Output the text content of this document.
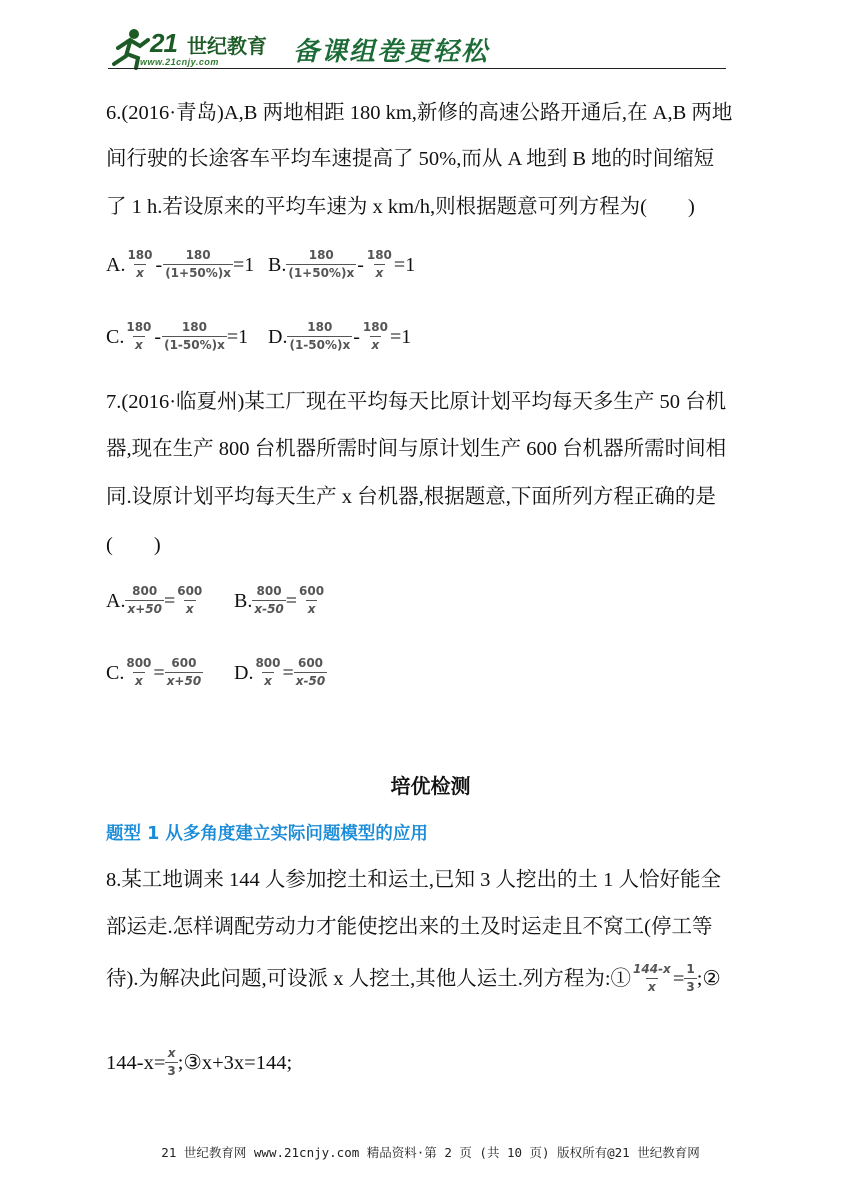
21 世纪教育
www.21cnjy.com	备课组卷更轻松
6.(2016·青岛)A,B 两地相距 180 km,新修的高速公路开通后,在 A,B 两地
间行驶的长途客车平均车速提高了 50%,而从 A 地到 B 地的时间缩短
了 1 h.若设原来的平均车速为 x km/h,则根据题意可列方程为(　　)
A. $\frac{180}{x} - \frac{180}{(1+50\%)x} =1$ B. $\frac{180}{(1+50\%)x} - \frac{180}{x} =1$
C. $\frac{180}{x} - \frac{180}{(1-50\%)x} =1$ D. $\frac{180}{(1-50\%)x} - \frac{180}{x} =1$
7.(2016·临夏州)某工厂现在平均每天比原计划平均每天多生产 50 台机
器,现在生产 800 台机器所需时间与原计划生产 600 台机器所需时间相
同.设原计划平均每天生产 x 台机器,根据题意,下面所列方程正确的是
(　　)
A. $\frac{800}{x+50} = \frac{600}{x} B$. $\frac{800}{x-50} = \frac{600}{x}$
C. $\frac{800}{x} = \frac{600}{x+50} D$. $\frac{800}{x} = \frac{600}{x-50}$
培优检测
题型 1 从多角度建立实际问题模型的应用
8.某工地调来 144 人参加挖土和运土,已知 3 人挖出的土 1 人恰好能全
部运走.怎样调配劳动力才能使挖出来的土及时运走且不窝工(停工等
待).为解决此问题,可设派 x 人挖土,其他人运土.列方程为:① $\frac{144-x}{x} = \frac{1}{3}$ ;②
$144-x= \frac{x}{3}$ ;③x+3x=144;
21 世纪教育网 www.21cnjy.com 精品资料·第 2 页 (共 10 页) 版权所有@21 世纪教育网
